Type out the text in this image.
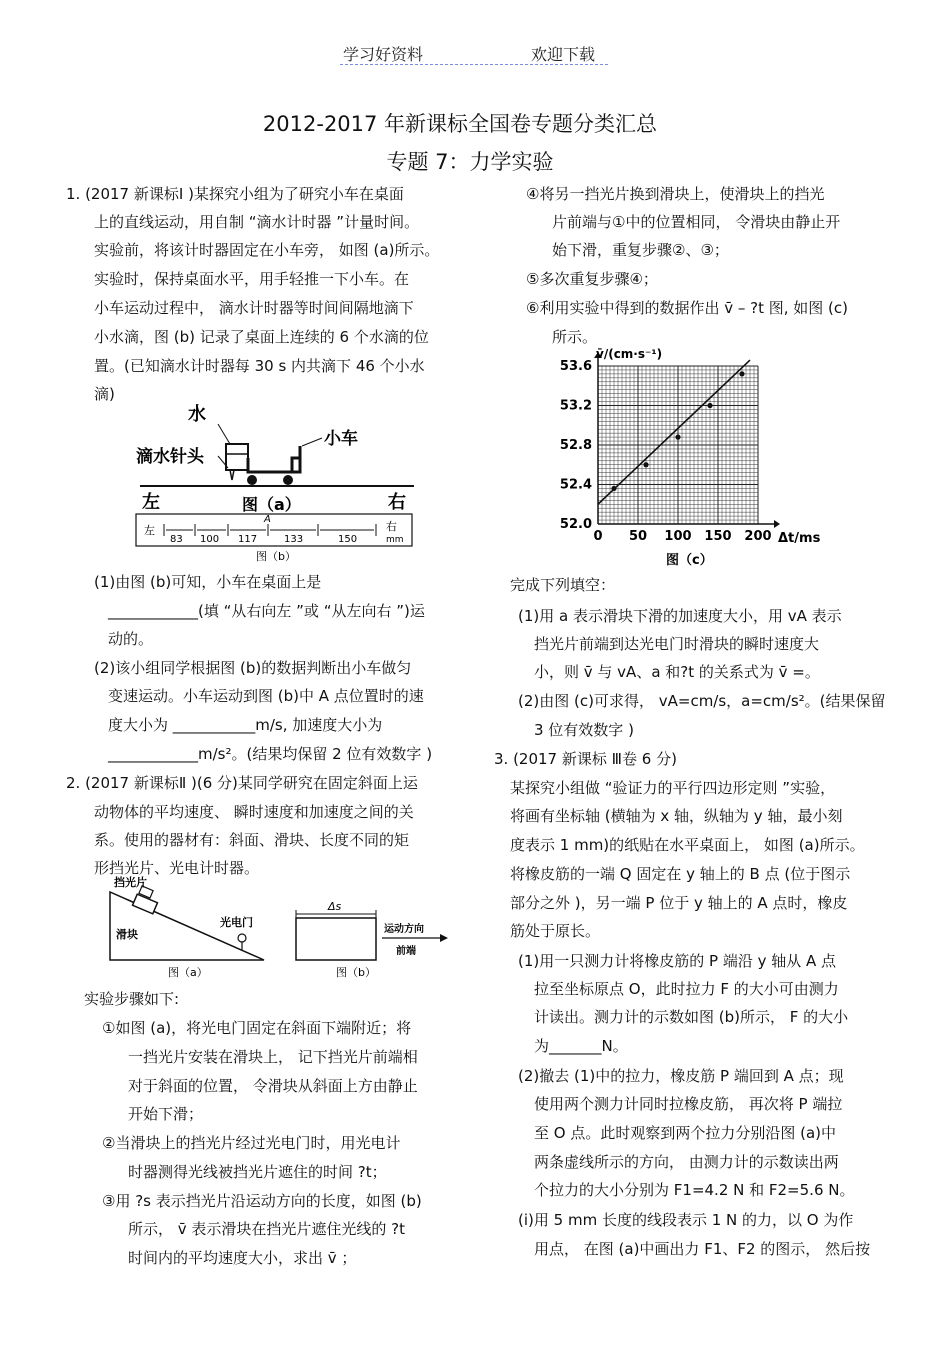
学习好资料	欢迎下载
2012-2017 年新课标全国卷专题分类汇总
专题 7：力学实验
1. (2017 新课标Ⅰ )某探究小组为了研究小车在桌面
上的直线运动，用自制 “滴水计时器 ”计量时间。
实验前，将该计时器固定在小车旁， 如图 (a)所示。
实验时，保持桌面水平，用手轻推一下小车。在
小车运动过程中， 滴水计时器等时间间隔地滴下
小水滴，图 (b) 记录了桌面上连续的 6 个水滴的位
置。(已知滴水计时器每 30 s 内共滴下 46 个小水
滴)
(1)由图 (b)可知，小车在桌面上是
____________(填 “从右向左 ”或 “从左向右 ”)运
动的。
(2)该小组同学根据图 (b)的数据判断出小车做匀
变速运动。小车运动到图 (b)中 A 点位置时的速
度大小为 ___________m/s, 加速度大小为
____________m/s²。(结果均保留 2 位有效数字 )
2. (2017 新课标Ⅱ )(6 分)某同学研究在固定斜面上运
动物体的平均速度、 瞬时速度和加速度之间的关
系。使用的器材有：斜面、滑块、长度不同的矩
形挡光片、光电计时器。
实验步骤如下:
①如图 (a)，将光电门固定在斜面下端附近；将
一挡光片安装在滑块上， 记下挡光片前端相
对于斜面的位置， 令滑块从斜面上方由静止
开始下滑；
②当滑块上的挡光片经过光电门时，用光电计
时器测得光线被挡光片遮住的时间 ?t；
③用 ?s 表示挡光片沿运动方向的长度，如图 (b)
所示， v̄ 表示滑块在挡光片遮住光线的 ?t
时间内的平均速度大小，求出 v̄ ；
④将另一挡光片换到滑块上，使滑块上的挡光
片前端与①中的位置相同， 令滑块由静止开
始下滑，重复步骤②、③；
⑤多次重复步骤④；
⑥利用实验中得到的数据作出 v̄ – ?t 图, 如图 (c)
所示。
完成下列填空：
(1)用 a 表示滑块下滑的加速度大小，用 vA 表示
挡光片前端到达光电门时滑块的瞬时速度大
小，则 v̄ 与 vA、a 和?t 的关系式为 v̄ =。
(2)由图 (c)可求得， vA=cm/s，a=cm/s²。(结果保留
3 位有效数字 )
3. (2017 新课标 Ⅲ卷 6 分)
某探究小组做 “验证力的平行四边形定则 ”实验，
将画有坐标轴 (横轴为 x 轴，纵轴为 y 轴，最小刻
度表示 1 mm)的纸贴在水平桌面上， 如图 (a)所示。
将橡皮筋的一端 Q 固定在 y 轴上的 B 点 (位于图示
部分之外 )，另一端 P 位于 y 轴上的 A 点时，橡皮
筋处于原长。
(1)用一只测力计将橡皮筋的 P 端沿 y 轴从 A 点
拉至坐标原点 O，此时拉力 F 的大小可由测力
计读出。测力计的示数如图 (b)所示， F 的大小
为_______N。
(2)撤去 (1)中的拉力，橡皮筋 P 端回到 A 点；现
使用两个测力计同时拉橡皮筋， 再次将 P 端拉
至 O 点。此时观察到两个拉力分别沿图 (a)中
两条虚线所示的方向， 由测力计的示数读出两
个拉力的大小分别为 F1=4.2 N 和 F2=5.6 N。
(i)用 5 mm 长度的线段表示 1 N 的力，以 O 为作
用点， 在图 (a)中画出力 F1、F2 的图示， 然后按
水
滴水针头
小车
左	图（a）	右
左
83 100 117	133	150
右
mm
A
图（b）
挡光片
滑块
光电门
图（a）
Δs
运动方向
前端
图（b）
0 50 100 150 200
52.0
52.4
52.8
53.2
53.6
v̄/(cm·s⁻¹)
Δt/ms
图（c）
